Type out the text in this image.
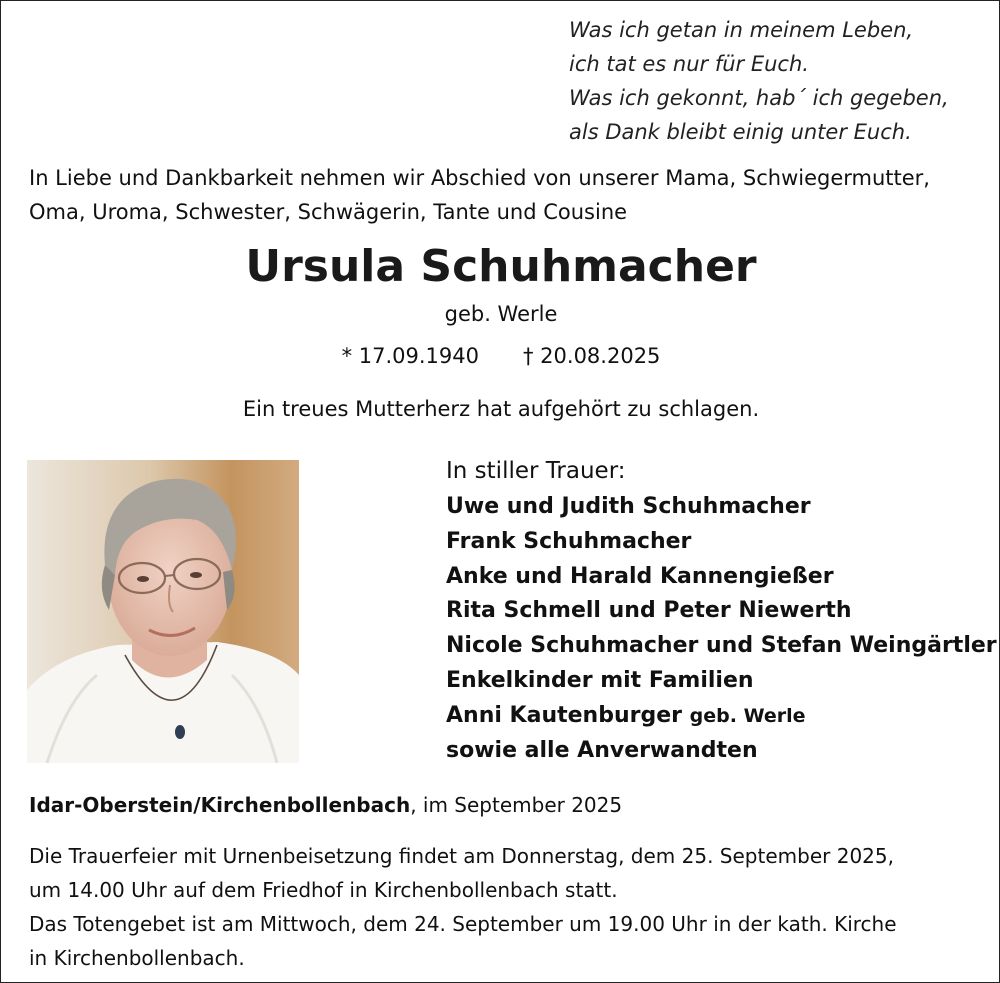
Was ich getan in meinem Leben,
ich tat es nur für Euch.
Was ich gekonnt, hab´ ich gegeben,
als Dank bleibt einig unter Euch.
In Liebe und Dankbarkeit nehmen wir Abschied von unserer Mama, Schwiegermutter,
Oma, Uroma, Schwester, Schwägerin, Tante und Cousine
Ursula Schuhmacher
geb. Werle
* 17.09.1940 † 20.08.2025
Ein treues Mutterherz hat aufgehört zu schlagen.
In stiller Trauer:
Uwe und Judith Schuhmacher
Frank Schuhmacher
Anke und Harald Kannengießer
Rita Schmell und Peter Niewerth
Nicole Schuhmacher und Stefan Weingärtler
Enkelkinder mit Familien
Anni Kautenburger geb. Werle
sowie alle Anverwandten
Idar-Oberstein/Kirchenbollenbach, im September 2025
Die Trauerfeier mit Urnenbeisetzung findet am Donnerstag, dem 25. September 2025,
um 14.00 Uhr auf dem Friedhof in Kirchenbollenbach statt.
Das Totengebet ist am Mittwoch, dem 24. September um 19.00 Uhr in der kath. Kirche
in Kirchenbollenbach.
